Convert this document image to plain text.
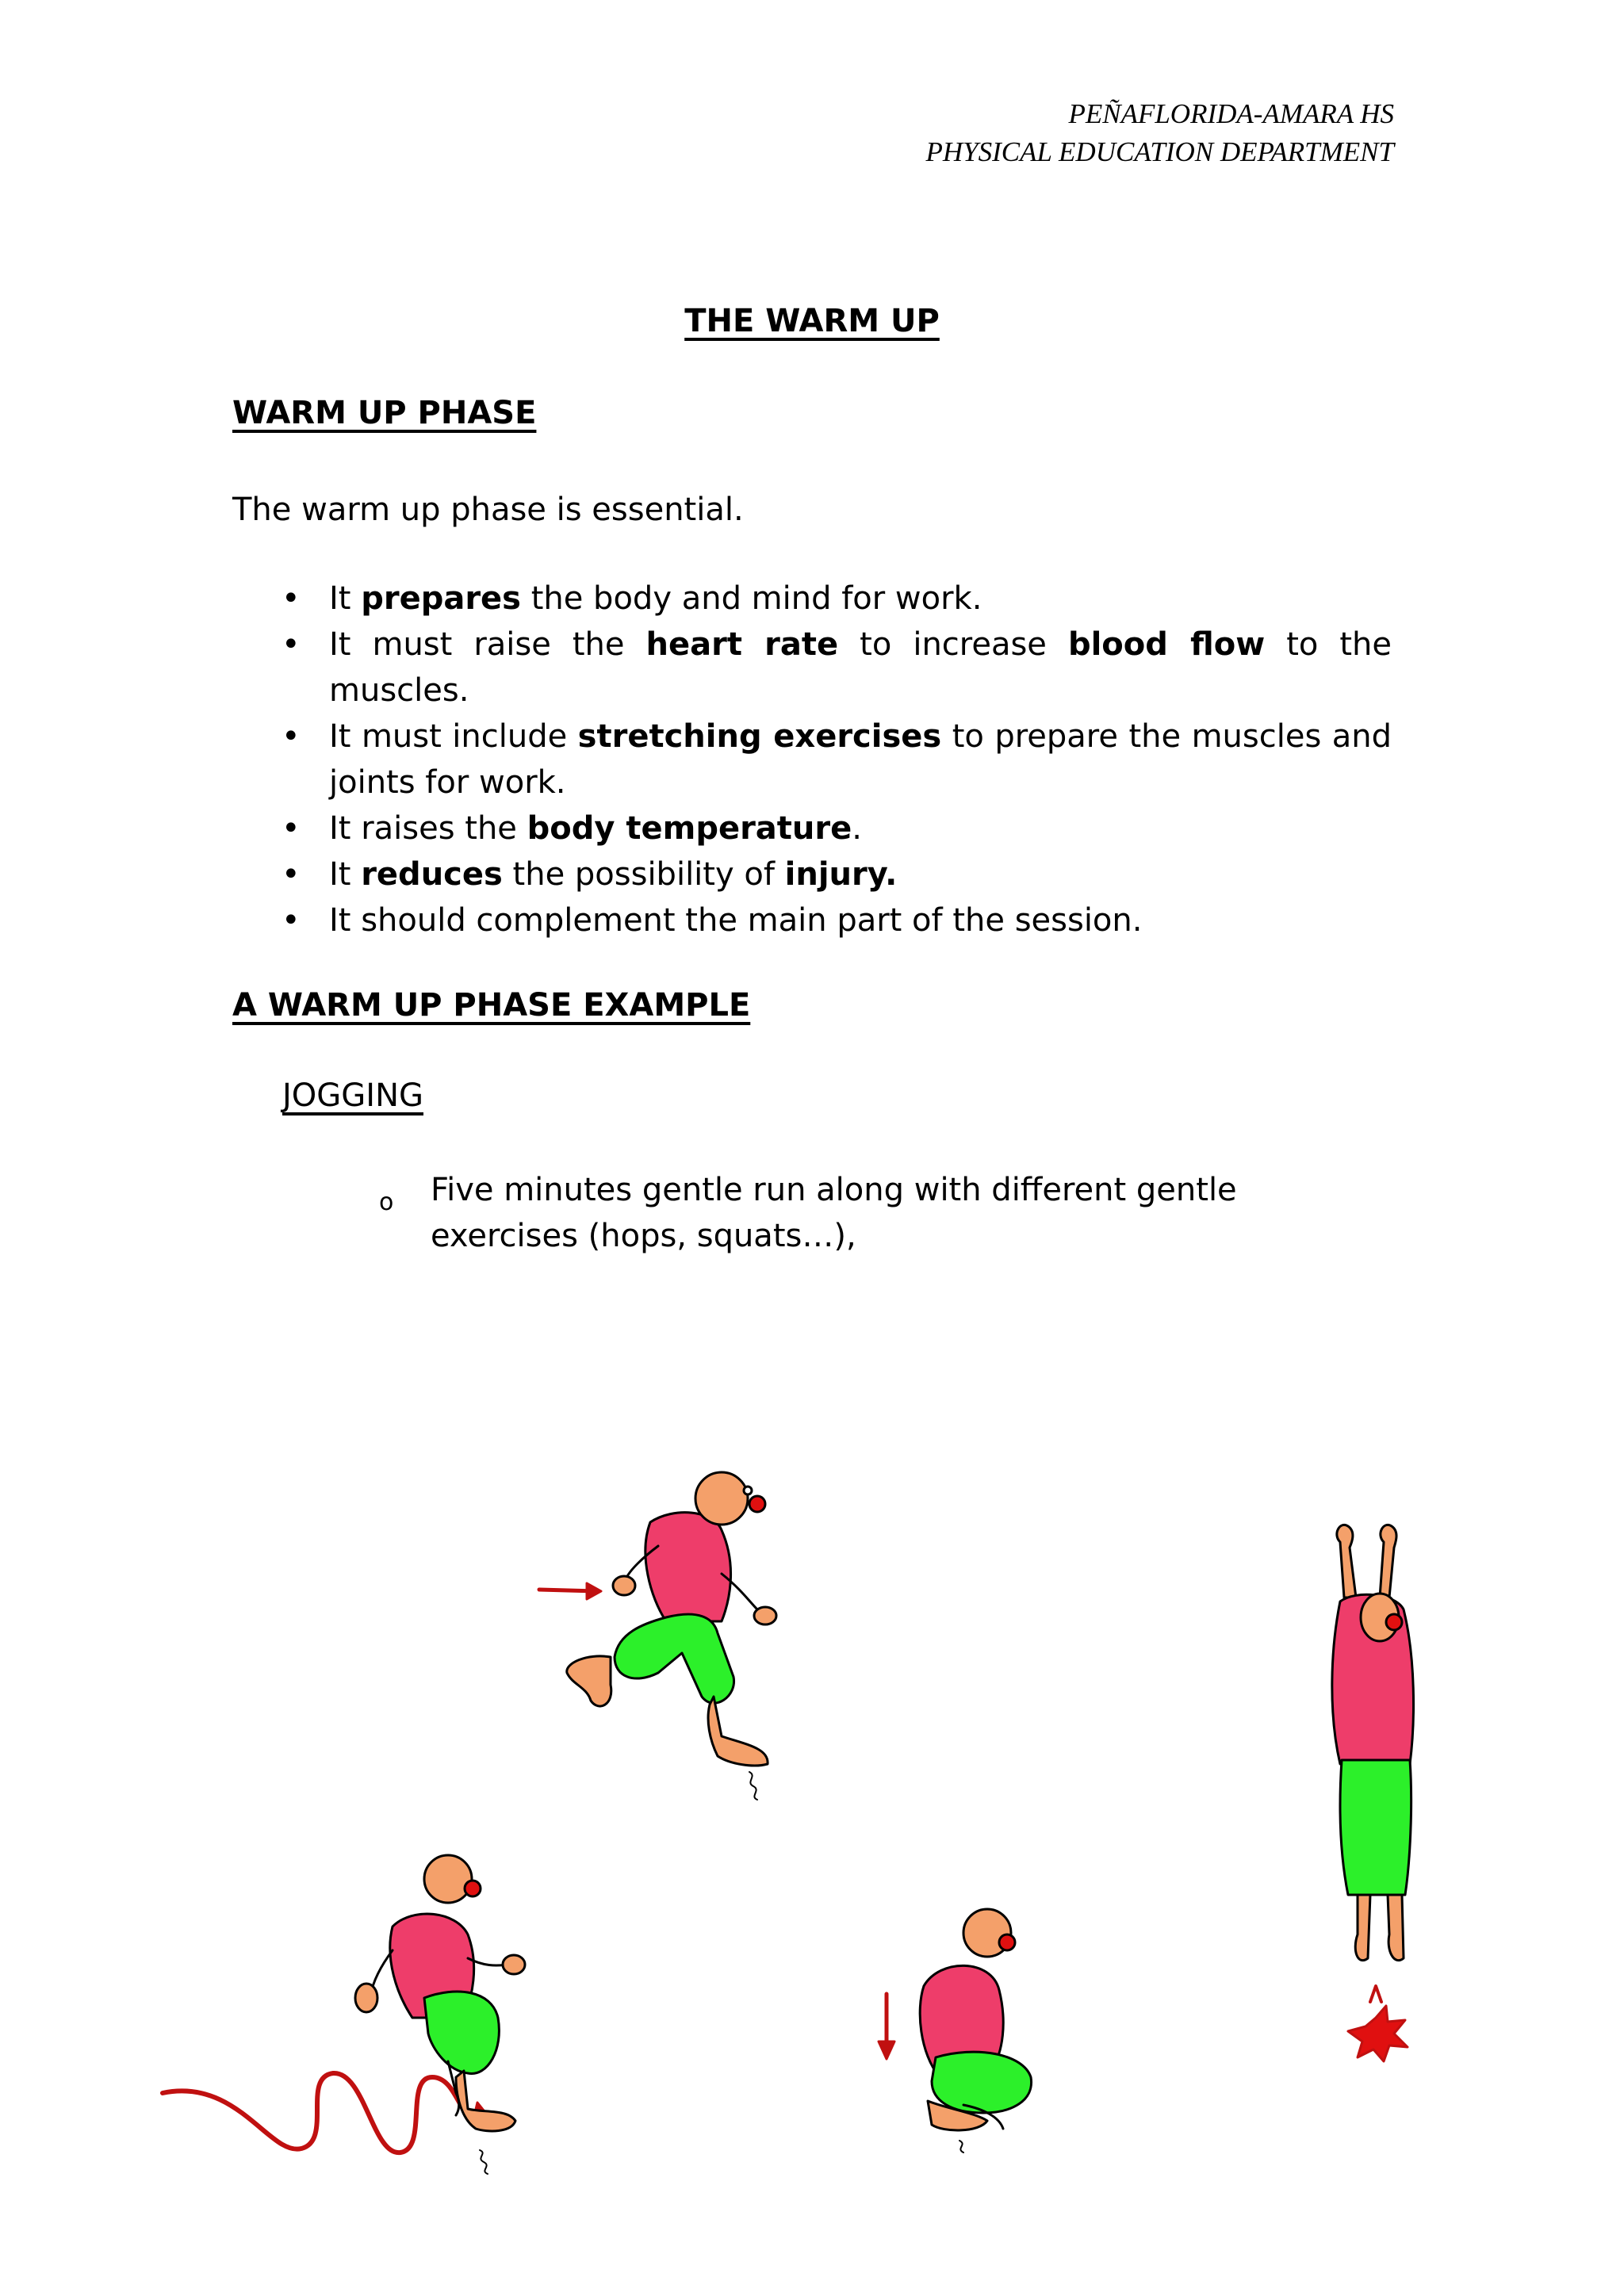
PEÑAFLORIDA-AMARA HS
PHYSICAL EDUCATION DEPARTMENT
THE WARM UP
WARM UP PHASE
The warm up phase is essential.
• It prepares the body and mind for work.
• It must raise the heart rate to increase blood flow to the muscles.
• It must include stretching exercises to prepare the muscles and joints for work.
• It raises the body temperature.
• It reduces the possibility of injury.
• It should complement the main part of the session.
A WARM UP PHASE EXAMPLE
JOGGING
o Five minutes gentle run along with different gentle exercises (hops, squats…),
